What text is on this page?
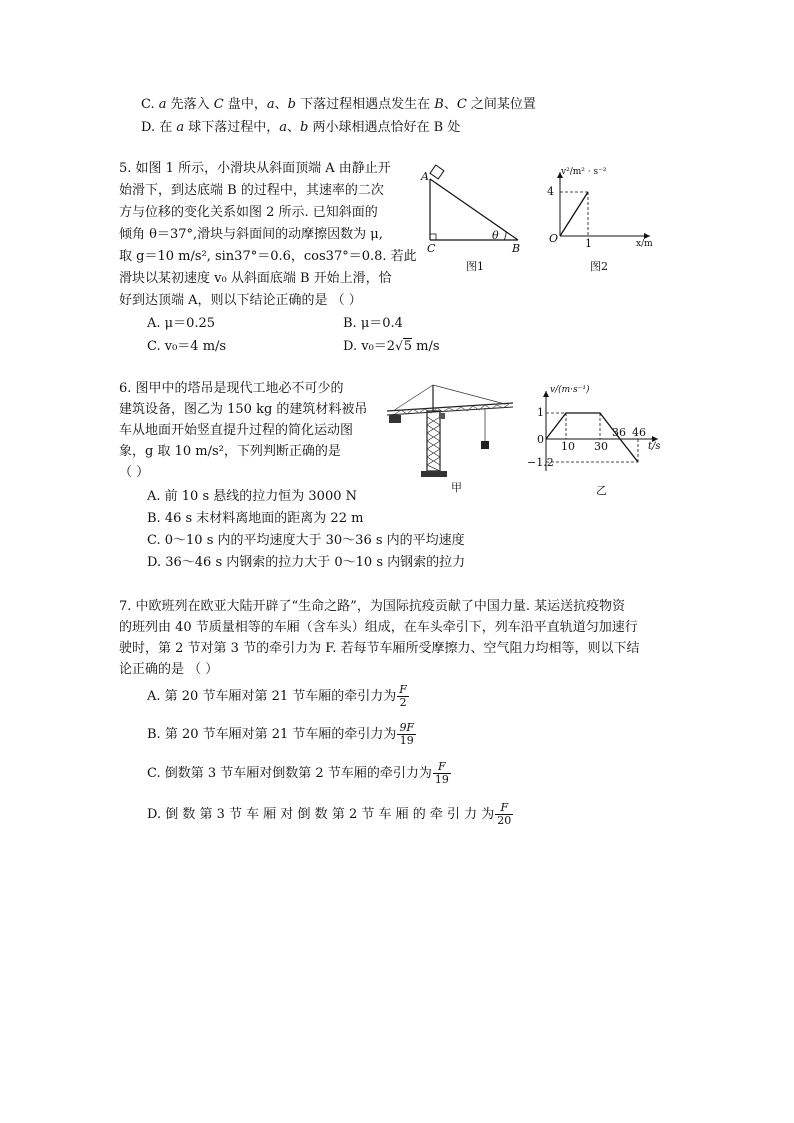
C. a 先落入 C 盘中，a、b 下落过程相遇点发生在 B、C 之间某位置
D. 在 a 球下落过程中，a、b 两小球相遇点恰好在 B 处
5. 如图 1 所示，小滑块从斜面顶端 A 由静止开
始滑下，到达底端 B 的过程中，其速率的二次
方与位移的变化关系如图 2 所示. 已知斜面的
倾角 θ＝37°,滑块与斜面间的动摩擦因数为 μ,
取 g＝10 m/s², sin37°＝0.6，cos37°＝0.8. 若此
滑块以某初速度 v₀ 从斜面底端 B 开始上滑，恰
好到达顶端 A，则以下结论正确的是 （ ）
A. μ＝0.25	B. μ＝0.4
C. v₀＝4 m/s	D. v₀＝2√5 m/s
A
C	B
θ
图1
v²/m² · s⁻²
4
O 1	x/m
图2
6. 图甲中的塔吊是现代工地必不可少的
建筑设备，图乙为 150 kg 的建筑材料被吊
车从地面开始竖直提升过程的简化运动图
象，g 取 10 m/s²，下列判断正确的是
（ ）
A. 前 10 s 悬线的拉力恒为 3000 N
B. 46 s 末材料离地面的距离为 22 m
C. 0～10 s 内的平均速度大于 30～36 s 内的平均速度
D. 36～46 s 内钢索的拉力大于 0～10 s 内钢索的拉力
甲
v/(m·s⁻¹)
1
0
−1.2
10 30
36 46
t/s
乙
7. 中欧班列在欧亚大陆开辟了“生命之路”，为国际抗疫贡献了中国力量. 某运送抗疫物资
的班列由 40 节质量相等的车厢（含车头）组成，在车头牵引下，列车沿平直轨道匀加速行
驶时，第 2 节对第 3 节的牵引力为 F. 若每节车厢所受摩擦力、空气阻力均相等，则以下结
论正确的是 （ ）
A. 第 20 节车厢对第 21 节车厢的牵引力为 $\frac{F}{2}$
B. 第 20 节车厢对第 21 节车厢的牵引力为 $\frac{9F}{19}$
C. 倒数第 3 节车厢对倒数第 2 节车厢的牵引力为 $\frac{F}{19}$
D. 倒 数 第 3 节 车 厢 对 倒 数 第 2 节 车 厢 的 牵 引 力 为 $\frac{F}{20}$
